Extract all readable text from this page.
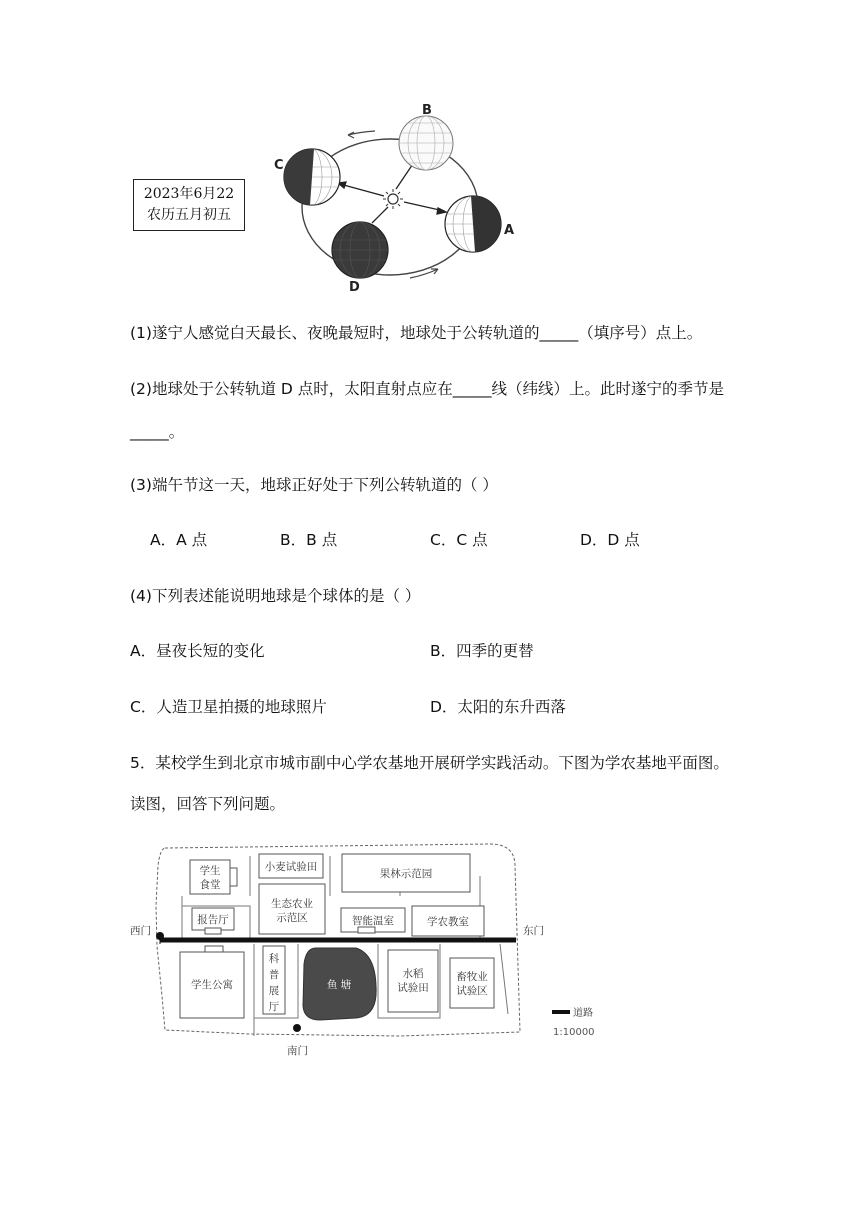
2023年6月22
农历五月初五
B
C
A
D
(1)遂宁人感觉白天最长、夜晚最短时，地球处于公转轨道的_____（填序号）点上。
(2)地球处于公转轨道 D 点时，太阳直射点应在_____线（纬线）上。此时遂宁的季节是
_____。
(3)端午节这一天，地球正好处于下列公转轨道的（ ）
A．A 点	B．B 点	C．C 点	D．D 点
(4)下列表述能说明地球是个球体的是（ ）
A．昼夜长短的变化	B．四季的更替
C．人造卫星拍摄的地球照片	D．太阳的东升西落
5．某校学生到北京市城市副中心学农基地开展研学实践活动。下图为学农基地平面图。
读图，回答下列问题。
学生
食堂
小麦试验田
果林示范园
生态农业
示范区	智能温室	学农教室
报告厅
西门	东门
学生公寓
科
普
展
厅
鱼 塘
水稻
试验田
畜牧业
试验区
南门
道路
1:10000
